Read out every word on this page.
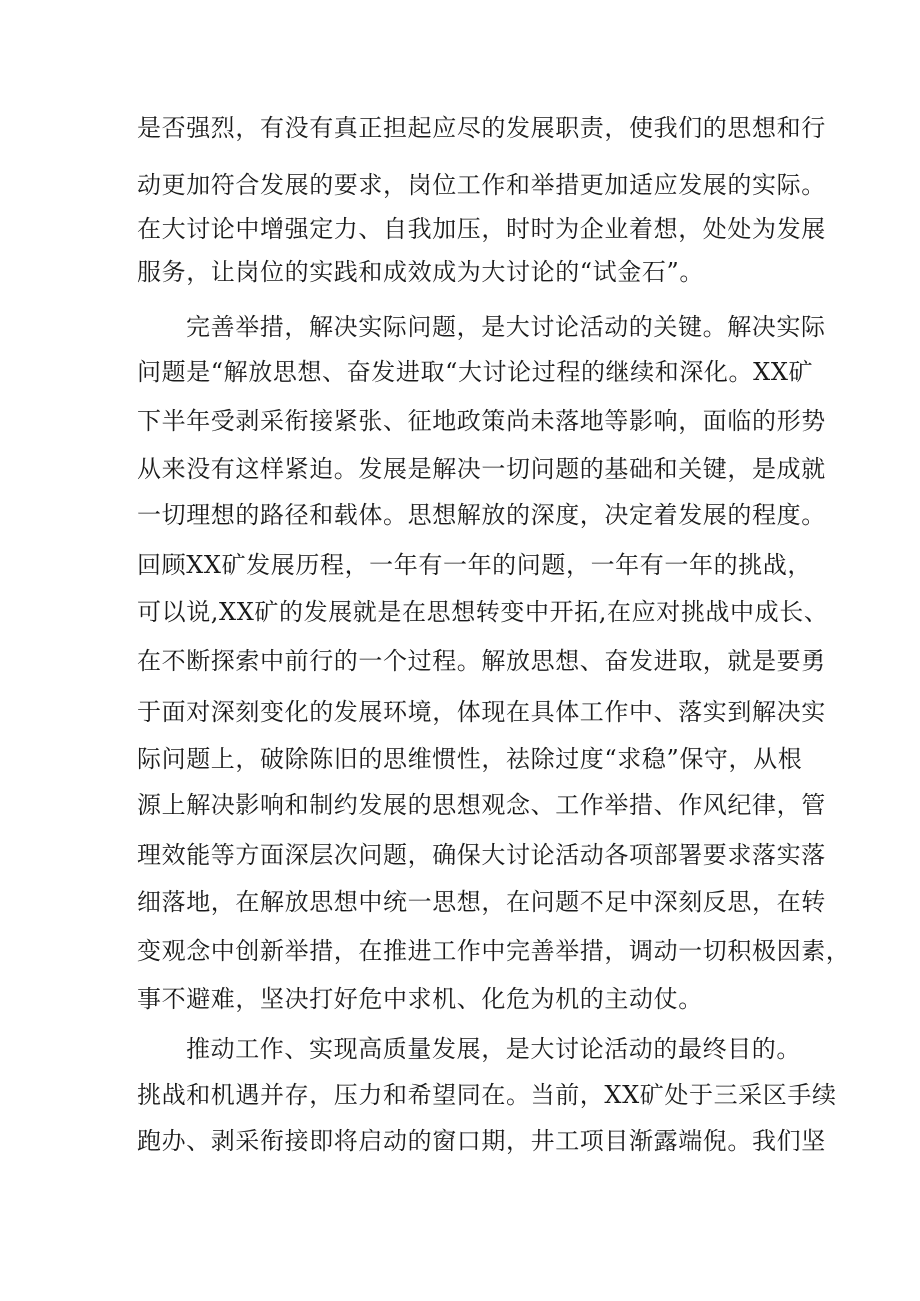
是否强烈，有没有真正担起应尽的发展职责，使我们的思想和行
动更加符合发展的要求，岗位工作和举措更加适应发展的实际。
在大讨论中增强定力、自我加压，时时为企业着想，处处为发展
服务，让岗位的实践和成效成为大讨论的“试金石”。
完善举措，解决实际问题，是大讨论活动的关键。解决实际
问题是“解放思想、奋发进取“大讨论过程的继续和深化。XX矿
下半年受剥采衔接紧张、征地政策尚未落地等影响，面临的形势
从来没有这样紧迫。发展是解决一切问题的基础和关键，是成就
一切理想的路径和载体。思想解放的深度，决定着发展的程度。
回顾XX矿发展历程，一年有一年的问题，一年有一年的挑战，
可以说,XX矿的发展就是在思想转变中开拓,在应对挑战中成长、
在不断探索中前行的一个过程。解放思想、奋发进取，就是要勇
于面对深刻变化的发展环境，体现在具体工作中、落实到解决实
际问题上，破除陈旧的思维惯性，祛除过度“求稳”保守，从根
源上解决影响和制约发展的思想观念、工作举措、作风纪律，管
理效能等方面深层次问题，确保大讨论活动各项部署要求落实落
细落地，在解放思想中统一思想，在问题不足中深刻反思，在转
变观念中创新举措，在推进工作中完善举措，调动一切积极因素，
事不避难，坚决打好危中求机、化危为机的主动仗。
推动工作、实现高质量发展，是大讨论活动的最终目的。
挑战和机遇并存，压力和希望同在。当前，XX矿处于三采区手续
跑办、剥采衔接即将启动的窗口期，井工项目渐露端倪。我们坚
